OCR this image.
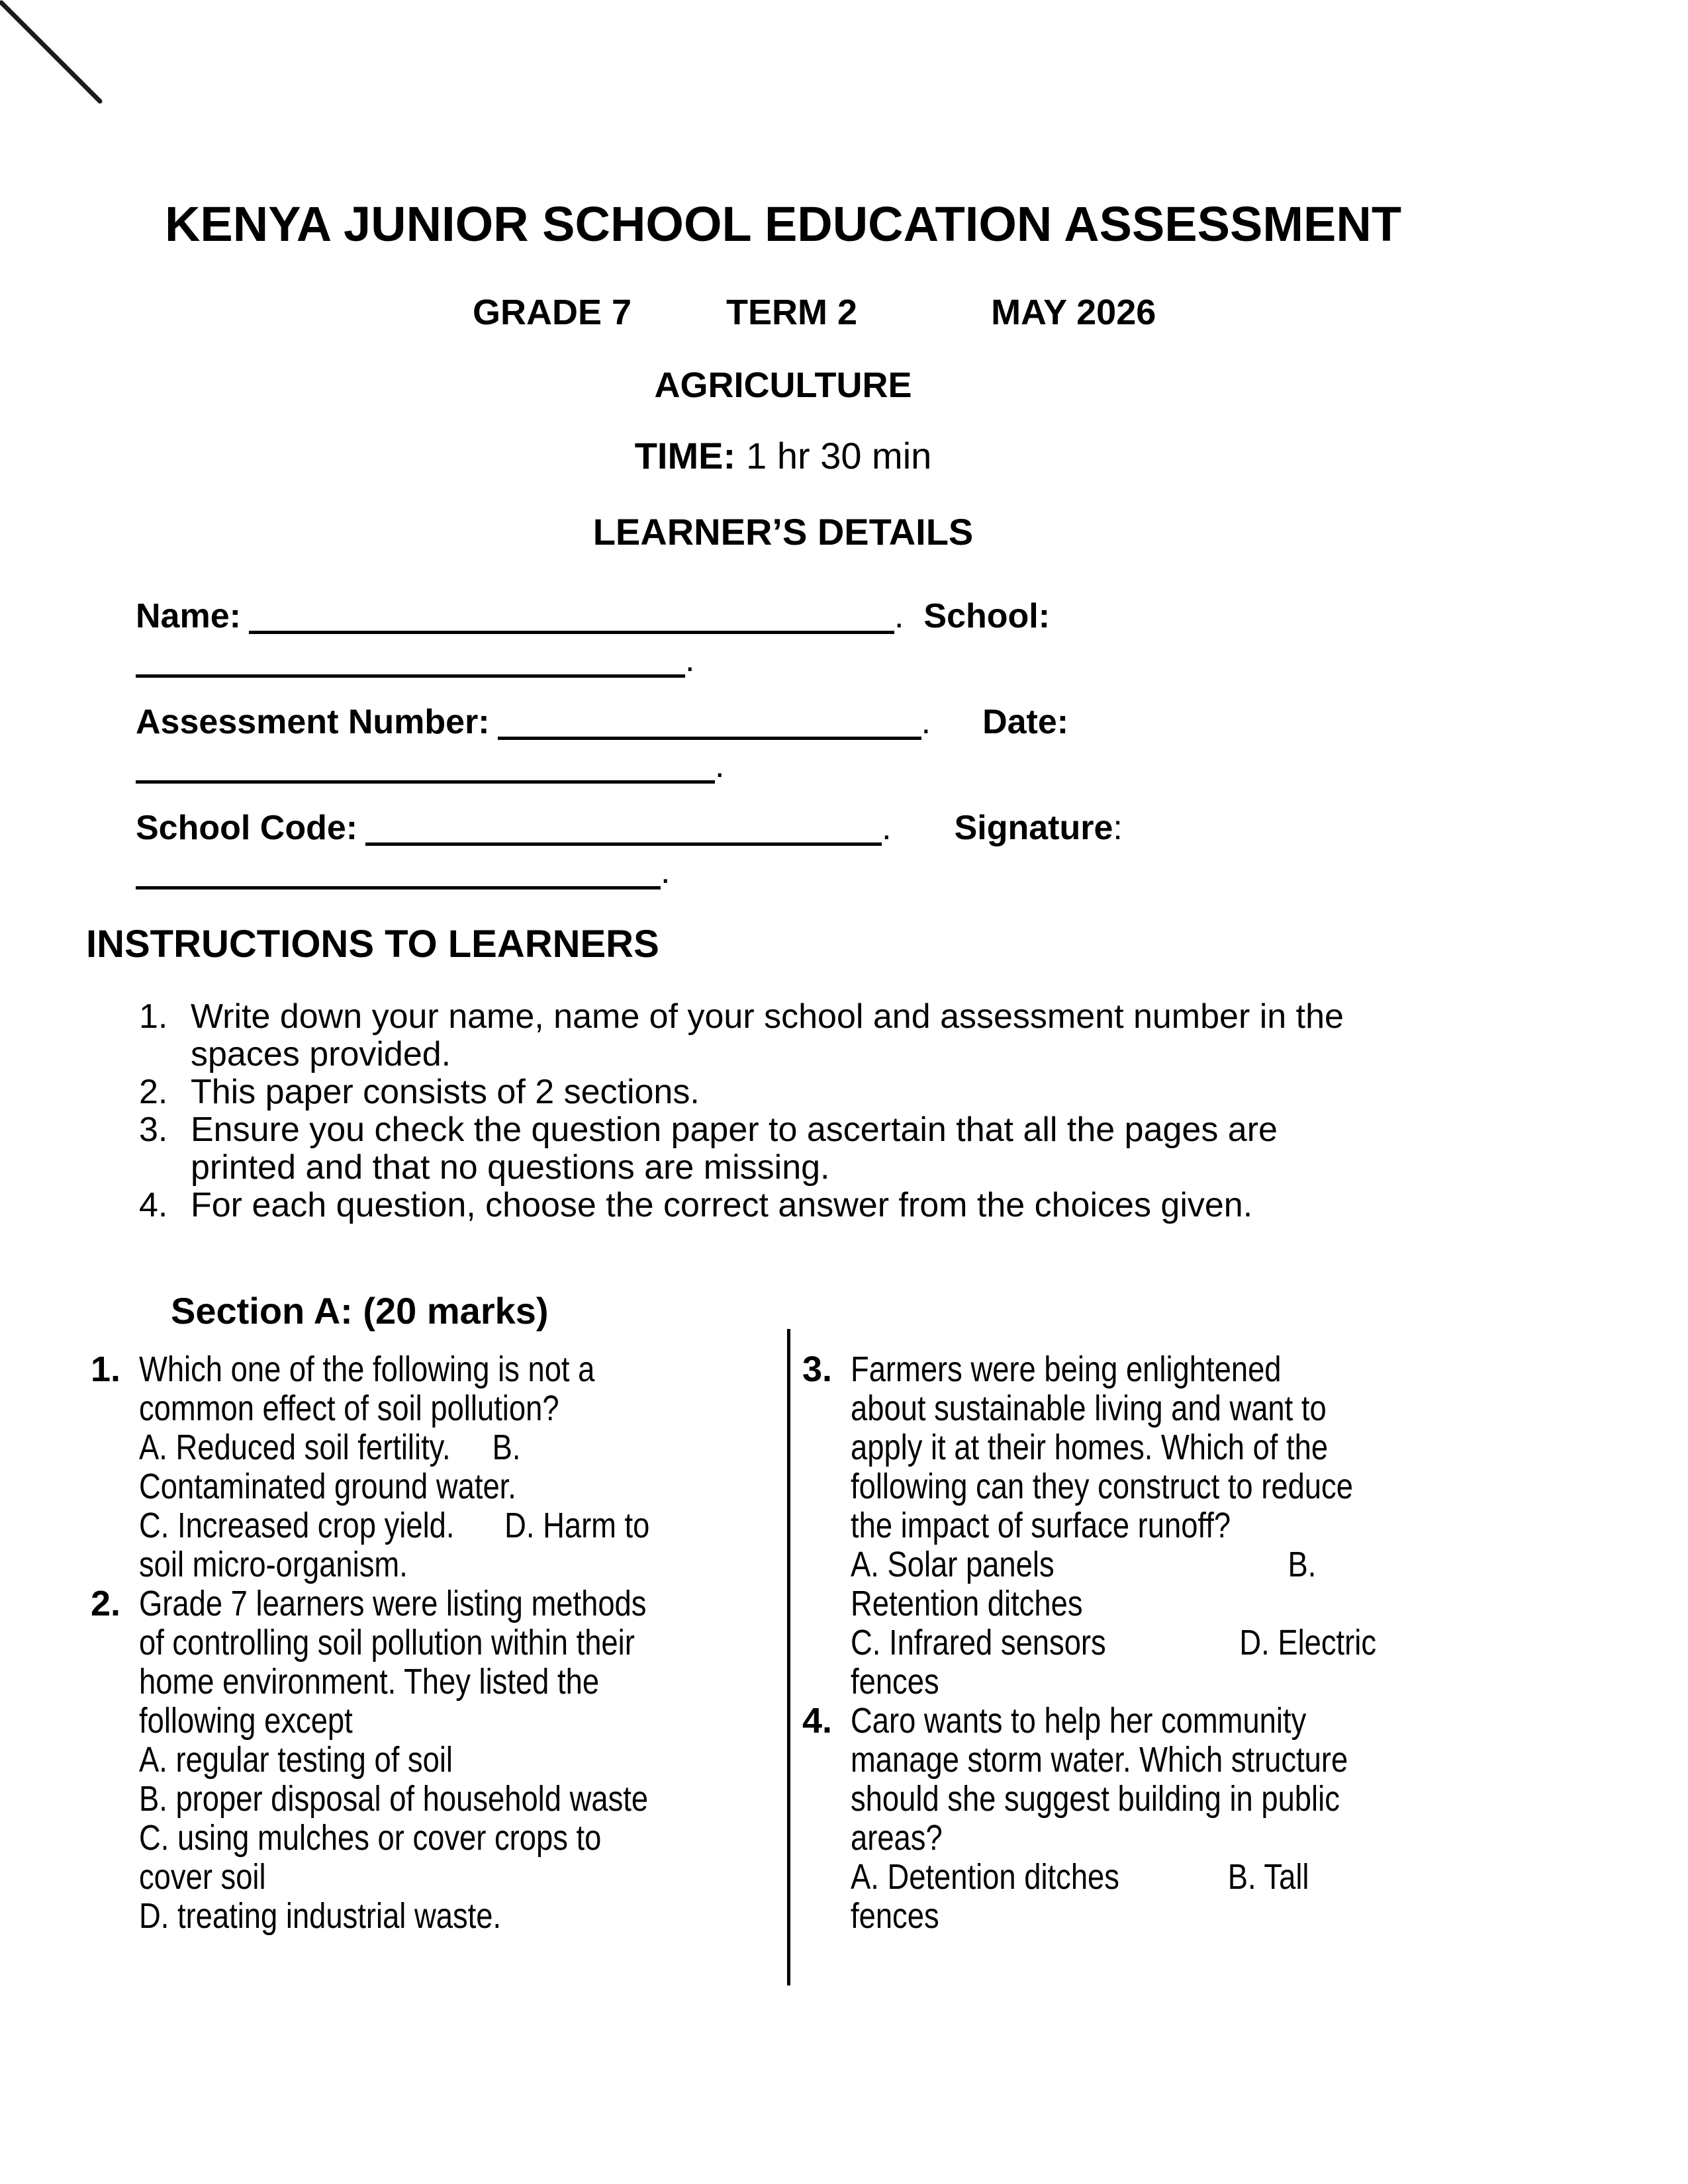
KENYA JUNIOR SCHOOL EDUCATION ASSESSMENT
GRADE 7	TERM 2	MAY 2026
AGRICULTURE
TIME: 1 hr 30 min
LEARNER’S DETAILS

Name:	. School:
.

Assessment Number:	. Date:
.

School Code:	. Signature:
.

INSTRUCTIONS TO LEARNERS
1. Write down your name, name of your school and assessment number in the
spaces provided.
2. This paper consists of 2 sections.
3. Ensure you check the question paper to ascertain that all the pages are
printed and that no questions are missing.
4. For each question, choose the correct answer from the choices given.
Section A: (20 marks)
1. Which one of the following is not a
common effect of soil pollution?
A. Reduced soil fertility.     B.
Contaminated ground water.
C. Increased crop yield.      D. Harm to
soil micro-organism.
2. Grade 7 learners were listing methods
of controlling soil pollution within their
home environment. They listed the
following except
A. regular testing of soil
B. proper disposal of household waste
C. using mulches or cover crops to
cover soil
D. treating industrial waste.
3. Farmers were being enlightened
about sustainable living and want to
apply it at their homes. Which of the
following can they construct to reduce
the impact of surface runoff?
A. Solar panels                            B.
Retention ditches
C. Infrared sensors                D. Electric
fences
4. Caro wants to help her community
manage storm water. Which structure
should she suggest building in public
areas?
A. Detention ditches             B. Tall
fences
